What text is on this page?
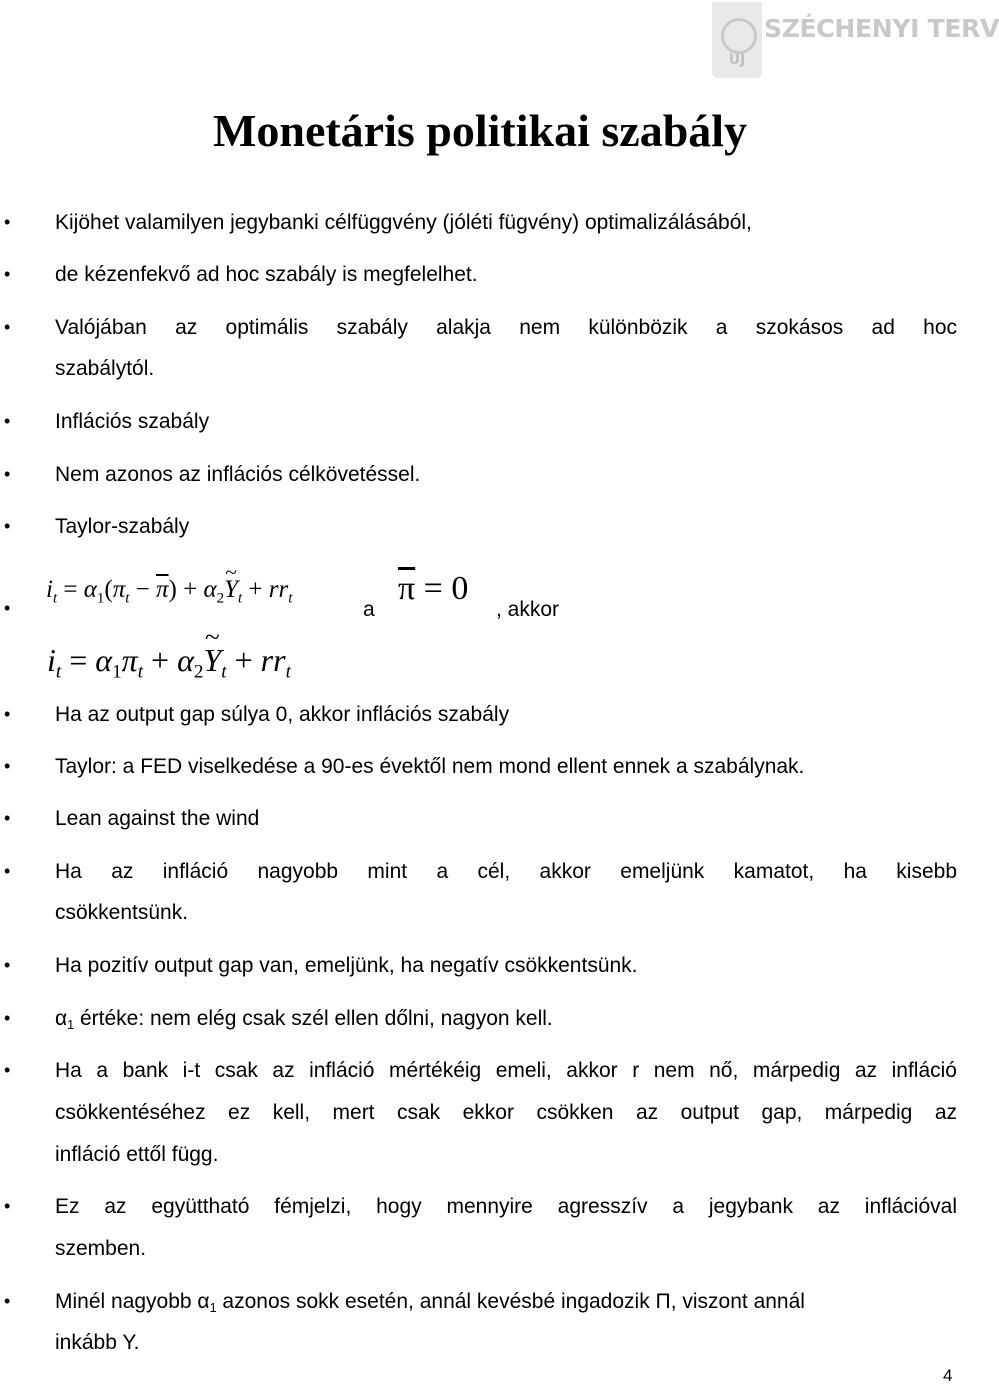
ÚJ
SZÉCHENYI TERV
Monetáris politikai szabály
• Kijöhet valamilyen jegybanki célfüggvény (jóléti fügvény) optimalizálásából,
• de kézenfekvő ad hoc szabály is megfelelhet.
• Valójában az optimális szabály alakja nem különbözik a szokásos ad hoc
szabálytól.
• Inflációs szabály
• Nem azonos az inflációs célkövetéssel.
• Taylor-szabály
•
$i_t = \alpha_1(\pi_t - \overline{\pi})$ + $\alpha_2\sim$ $Y_t + rr_t$	a
$\overline{\pi} = 0$
, akkor
$i_t = \alpha_1\pi_t$ + $\alpha_2\sim$ $Y_t + rr_t$
• Ha az output gap súlya 0, akkor inflációs szabály
• Taylor: a FED viselkedése a 90-es évektől nem mond ellent ennek a szabálynak.
• Lean against the wind
• Ha az infláció nagyobb mint a cél, akkor emeljünk kamatot, ha kisebb
csökkentsünk.
• Ha pozitív output gap van, emeljünk, ha negatív csökkentsünk.
• $\alpha_1$ értéke: nem elég csak szél ellen dőlni, nagyon kell.
• Ha a bank i-t csak az infláció mértékéig emeli, akkor r nem nő, márpedig az infláció
csökkentéséhez ez kell, mert csak ekkor csökken az output gap, márpedig az
infláció ettől függ.
• Ez az együttható fémjelzi, hogy mennyire agresszív a jegybank az inflációval
szemben.
• Minél nagyobb $\alpha_1$ azonos sokk esetén, annál kevésbé ingadozik Π, viszont annál
inkább Y.
4
